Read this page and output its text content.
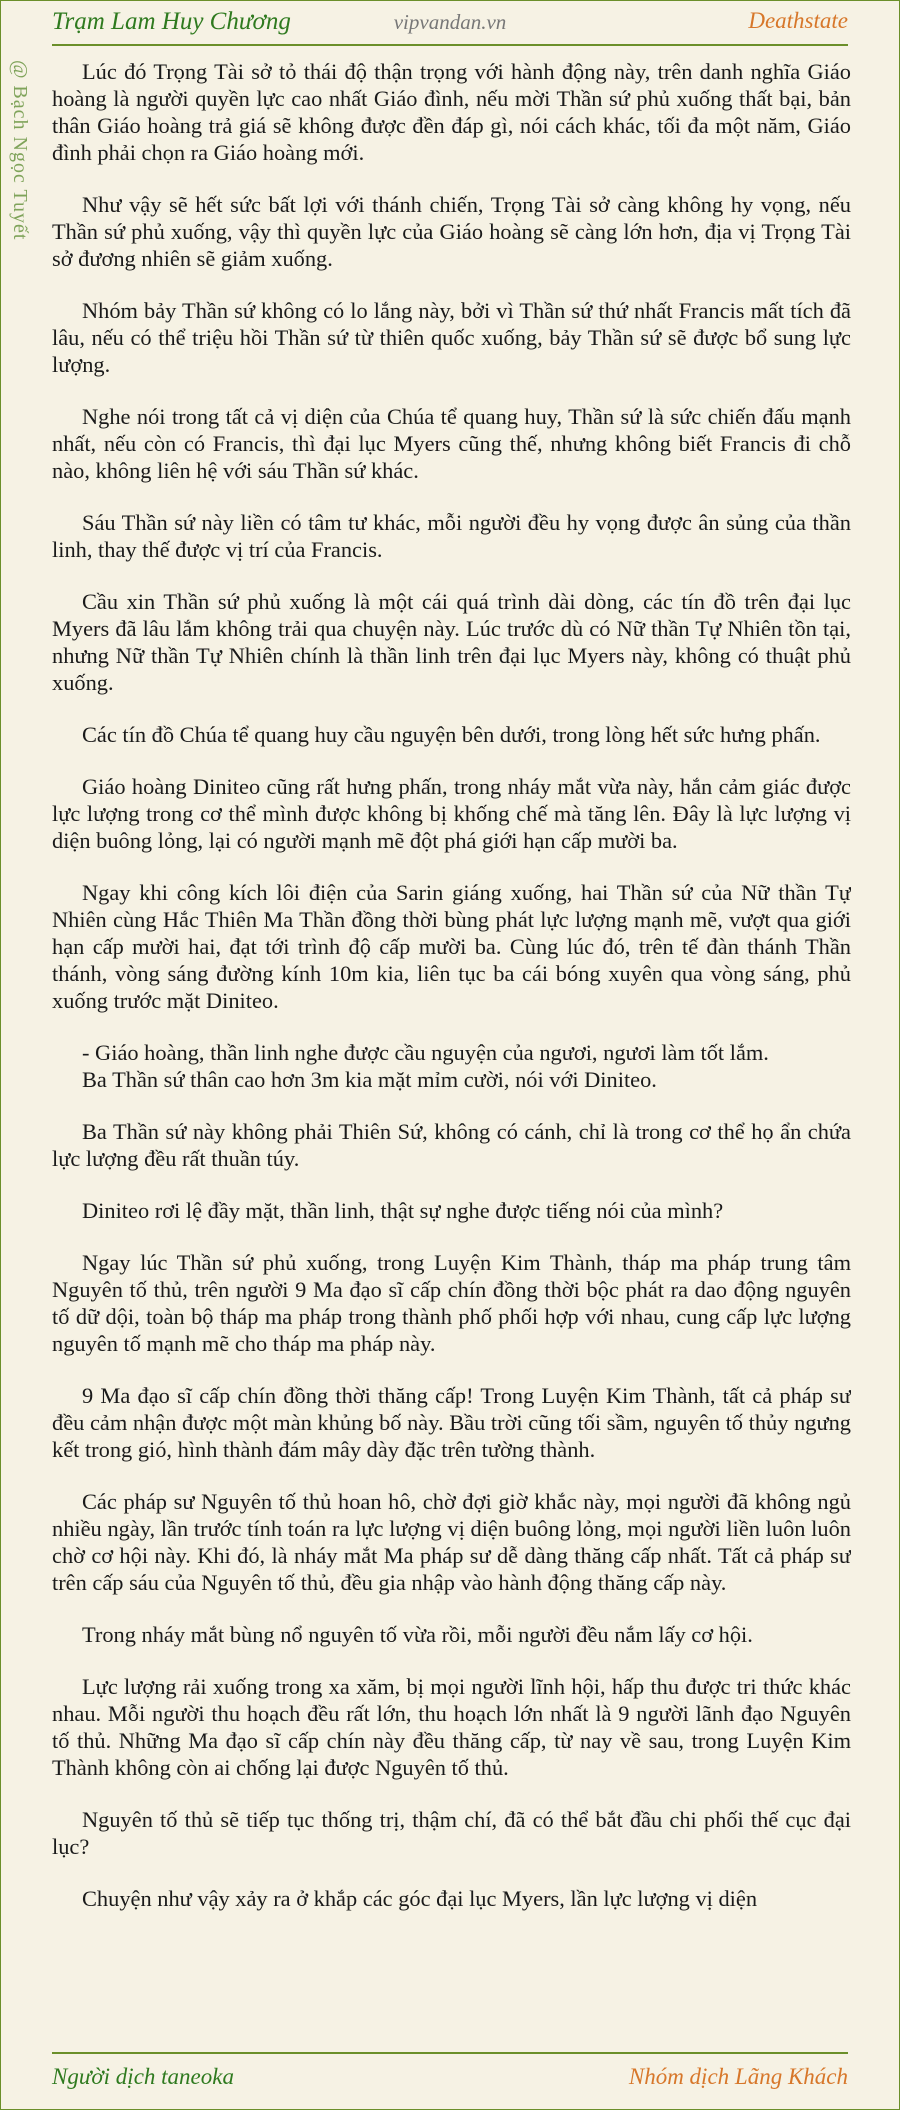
Trạm Lam Huy Chương	vipvandan.vn	Deathstate
@ Bạch Ngọc Tuyết	Lúc đó Trọng Tài sở tỏ thái độ thận trọng với hành động này, trên danh nghĩa Giáo hoàng là người quyền lực cao nhất Giáo đình, nếu mời Thần sứ phủ xuống thất bại, bản thân Giáo hoàng trả giá sẽ không được đền đáp gì, nói cách khác, tối đa một năm, Giáo đình phải chọn ra Giáo hoàng mới.

Như vậy sẽ hết sức bất lợi với thánh chiến, Trọng Tài sở càng không hy vọng, nếu Thần sứ phủ xuống, vậy thì quyền lực của Giáo hoàng sẽ càng lớn hơn, địa vị Trọng Tài sở đương nhiên sẽ giảm xuống.

Nhóm bảy Thần sứ không có lo lắng này, bởi vì Thần sứ thứ nhất Francis mất tích đã lâu, nếu có thể triệu hồi Thần sứ từ thiên quốc xuống, bảy Thần sứ sẽ được bổ sung lực lượng.

Nghe nói trong tất cả vị diện của Chúa tể quang huy, Thần sứ là sức chiến đấu mạnh nhất, nếu còn có Francis, thì đại lục Myers cũng thế, nhưng không biết Francis đi chỗ nào, không liên hệ với sáu Thần sứ khác.

Sáu Thần sứ này liền có tâm tư khác, mỗi người đều hy vọng được ân sủng của thần linh, thay thế được vị trí của Francis.

Cầu xin Thần sứ phủ xuống là một cái quá trình dài dòng, các tín đồ trên đại lục Myers đã lâu lắm không trải qua chuyện này. Lúc trước dù có Nữ thần Tự Nhiên tồn tại, nhưng Nữ thần Tự Nhiên chính là thần linh trên đại lục Myers này, không có thuật phủ xuống.

Các tín đồ Chúa tể quang huy cầu nguyện bên dưới, trong lòng hết sức hưng phấn.

Giáo hoàng Diniteo cũng rất hưng phấn, trong nháy mắt vừa này, hắn cảm giác được lực lượng trong cơ thể mình được không bị khống chế mà tăng lên. Đây là lực lượng vị diện buông lỏng, lại có người mạnh mẽ đột phá giới hạn cấp mười ba.

Ngay khi công kích lôi điện của Sarin giáng xuống, hai Thần sứ của Nữ thần Tự Nhiên cùng Hắc Thiên Ma Thần đồng thời bùng phát lực lượng mạnh mẽ, vượt qua giới hạn cấp mười hai, đạt tới trình độ cấp mười ba. Cùng lúc đó, trên tế đàn thánh Thần thánh, vòng sáng đường kính 10m kia, liên tục ba cái bóng xuyên qua vòng sáng, phủ xuống trước mặt Diniteo.

- Giáo hoàng, thần linh nghe được cầu nguyện của ngươi, ngươi làm tốt lắm.

Ba Thần sứ thân cao hơn 3m kia mặt mỉm cười, nói với Diniteo.

Ba Thần sứ này không phải Thiên Sứ, không có cánh, chỉ là trong cơ thể họ ẩn chứa lực lượng đều rất thuần túy.

Diniteo rơi lệ đầy mặt, thần linh, thật sự nghe được tiếng nói của mình?

Ngay lúc Thần sứ phủ xuống, trong Luyện Kim Thành, tháp ma pháp trung tâm Nguyên tố thủ, trên người 9 Ma đạo sĩ cấp chín đồng thời bộc phát ra dao động nguyên tố dữ dội, toàn bộ tháp ma pháp trong thành phố phối hợp với nhau, cung cấp lực lượng nguyên tố mạnh mẽ cho tháp ma pháp này.

9 Ma đạo sĩ cấp chín đồng thời thăng cấp! Trong Luyện Kim Thành, tất cả pháp sư đều cảm nhận được một màn khủng bố này. Bầu trời cũng tối sầm, nguyên tố thủy ngưng kết trong gió, hình thành đám mây dày đặc trên tường thành.

Các pháp sư Nguyên tố thủ hoan hô, chờ đợi giờ khắc này, mọi người đã không ngủ nhiều ngày, lần trước tính toán ra lực lượng vị diện buông lỏng, mọi người liền luôn luôn chờ cơ hội này. Khi đó, là nháy mắt Ma pháp sư dễ dàng thăng cấp nhất. Tất cả pháp sư trên cấp sáu của Nguyên tố thủ, đều gia nhập vào hành động thăng cấp này.

Trong nháy mắt bùng nổ nguyên tố vừa rồi, mỗi người đều nắm lấy cơ hội.

Lực lượng rải xuống trong xa xăm, bị mọi người lĩnh hội, hấp thu được tri thức khác nhau. Mỗi người thu hoạch đều rất lớn, thu hoạch lớn nhất là 9 người lãnh đạo Nguyên tố thủ. Những Ma đạo sĩ cấp chín này đều thăng cấp, từ nay về sau, trong Luyện Kim Thành không còn ai chống lại được Nguyên tố thủ.

Nguyên tố thủ sẽ tiếp tục thống trị, thậm chí, đã có thể bắt đầu chi phối thế cục đại lục?

Chuyện như vậy xảy ra ở khắp các góc đại lục Myers, lần lực lượng vị diện

Người dịch taneoka	Nhóm dịch Lãng Khách
